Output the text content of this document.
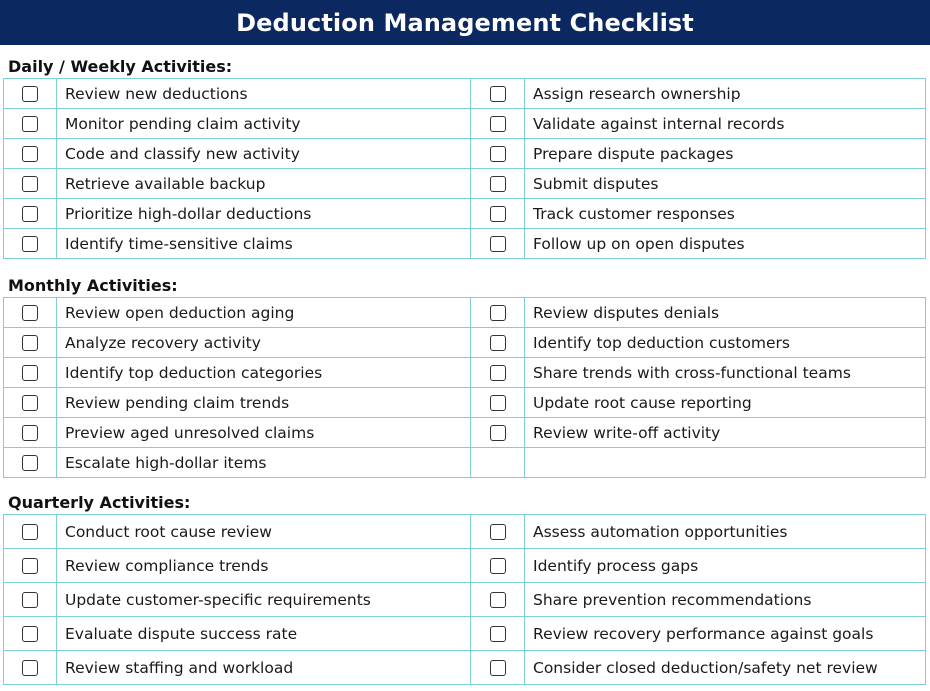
Deduction Management Checklist
Daily / Weekly Activities:
	Review new deductions		Assign research ownership
	Monitor pending claim activity		Validate against internal records
	Code and classify new activity		Prepare dispute packages
	Retrieve available backup		Submit disputes
	Prioritize high-dollar deductions		Track customer responses
	Identify time-sensitive claims		Follow up on open disputes
Monthly Activities:
	Review open deduction aging		Review disputes denials
	Analyze recovery activity		Identify top deduction customers
	Identify top deduction categories		Share trends with cross-functional teams
	Review pending claim trends		Update root cause reporting
	Preview aged unresolved claims		Review write-off activity
	Escalate high-dollar items		
Quarterly Activities:
	Conduct root cause review		Assess automation opportunities
	Review compliance trends		Identify process gaps
	Update customer-specific requirements		Share prevention recommendations
	Evaluate dispute success rate		Review recovery performance against goals
	Review staffing and workload		Consider closed deduction/safety net review
